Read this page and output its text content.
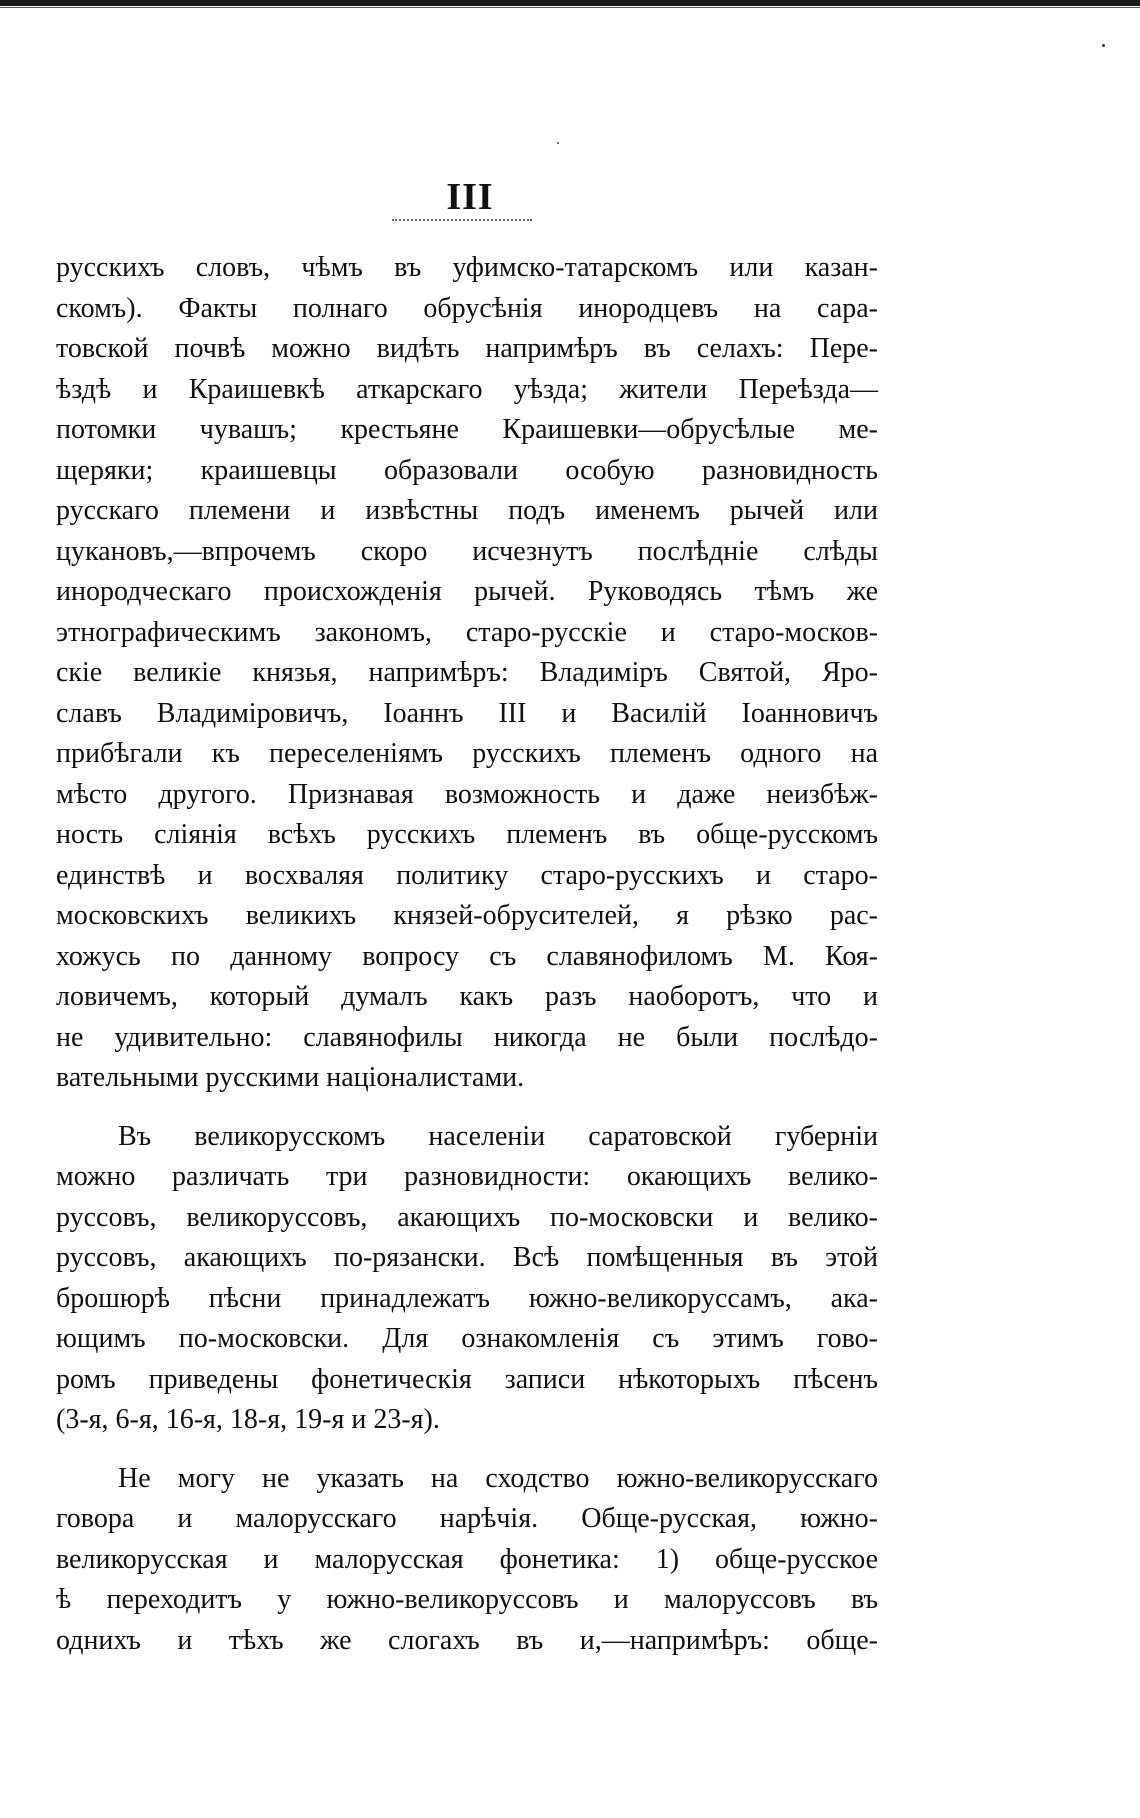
III
русскихъ словъ, чѣмъ въ уфимско-татарскомъ или казан-
скомъ). Факты полнаго обрусѣнія инородцевъ на сара-
товской почвѣ можно видѣть напримѣръ въ селахъ: Пере-
ѣздѣ и Краишевкѣ аткарскаго уѣзда; жители Переѣзда—
потомки чувашъ; крестьяне Краишевки—обрусѣлые ме-
щеряки; краишевцы образовали особую разновидность
русскаго племени и извѣстны подъ именемъ рычей или
цукановъ,—впрочемъ скоро исчезнутъ послѣдніе слѣды
инородческаго происхожденія рычей. Руководясь тѣмъ же
этнографическимъ закономъ, старо-русскіе и старо-москов-
скіе великіе князья, напримѣръ: Владиміръ Святой, Яро-
славъ Владиміровичъ, Іоаннъ III и Василій Іоанновичъ
прибѣгали къ переселеніямъ русскихъ племенъ одного на
мѣсто другого. Признавая возможность и даже неизбѣж-
ность сліянія всѣхъ русскихъ племенъ въ обще-русскомъ
единствѣ и восхваляя политику старо-русскихъ и старо-
московскихъ великихъ князей-обрусителей, я рѣзко рас-
хожусь по данному вопросу съ славянофиломъ М. Коя-
ловичемъ, который думалъ какъ разъ наоборотъ, что и
не удивительно: славянофилы никогда не были послѣдо-
вательными русскими націоналистами.
Въ великорусскомъ населеніи саратовской губерніи
можно различать три разновидности: окающихъ велико-
руссовъ, великоруссовъ, акающихъ по-московски и велико-
руссовъ, акающихъ по-рязански. Всѣ помѣщенныя въ этой
брошюрѣ пѣсни принадлежатъ южно-великоруссамъ, ака-
ющимъ по-московски. Для ознакомленія съ этимъ гово-
ромъ приведены фонетическія записи нѣкоторыхъ пѣсенъ
(3-я, 6-я, 16-я, 18-я, 19-я и 23-я).
Не могу не указать на сходство южно-великорусскаго
говора и малорусскаго нарѣчія. Обще-русская, южно-
великорусская и малорусская фонетика: 1) обще-русское
ѣ переходитъ у южно-великоруссовъ и малоруссовъ въ
однихъ и тѣхъ же слогахъ въ и,—напримѣръ: обще-
